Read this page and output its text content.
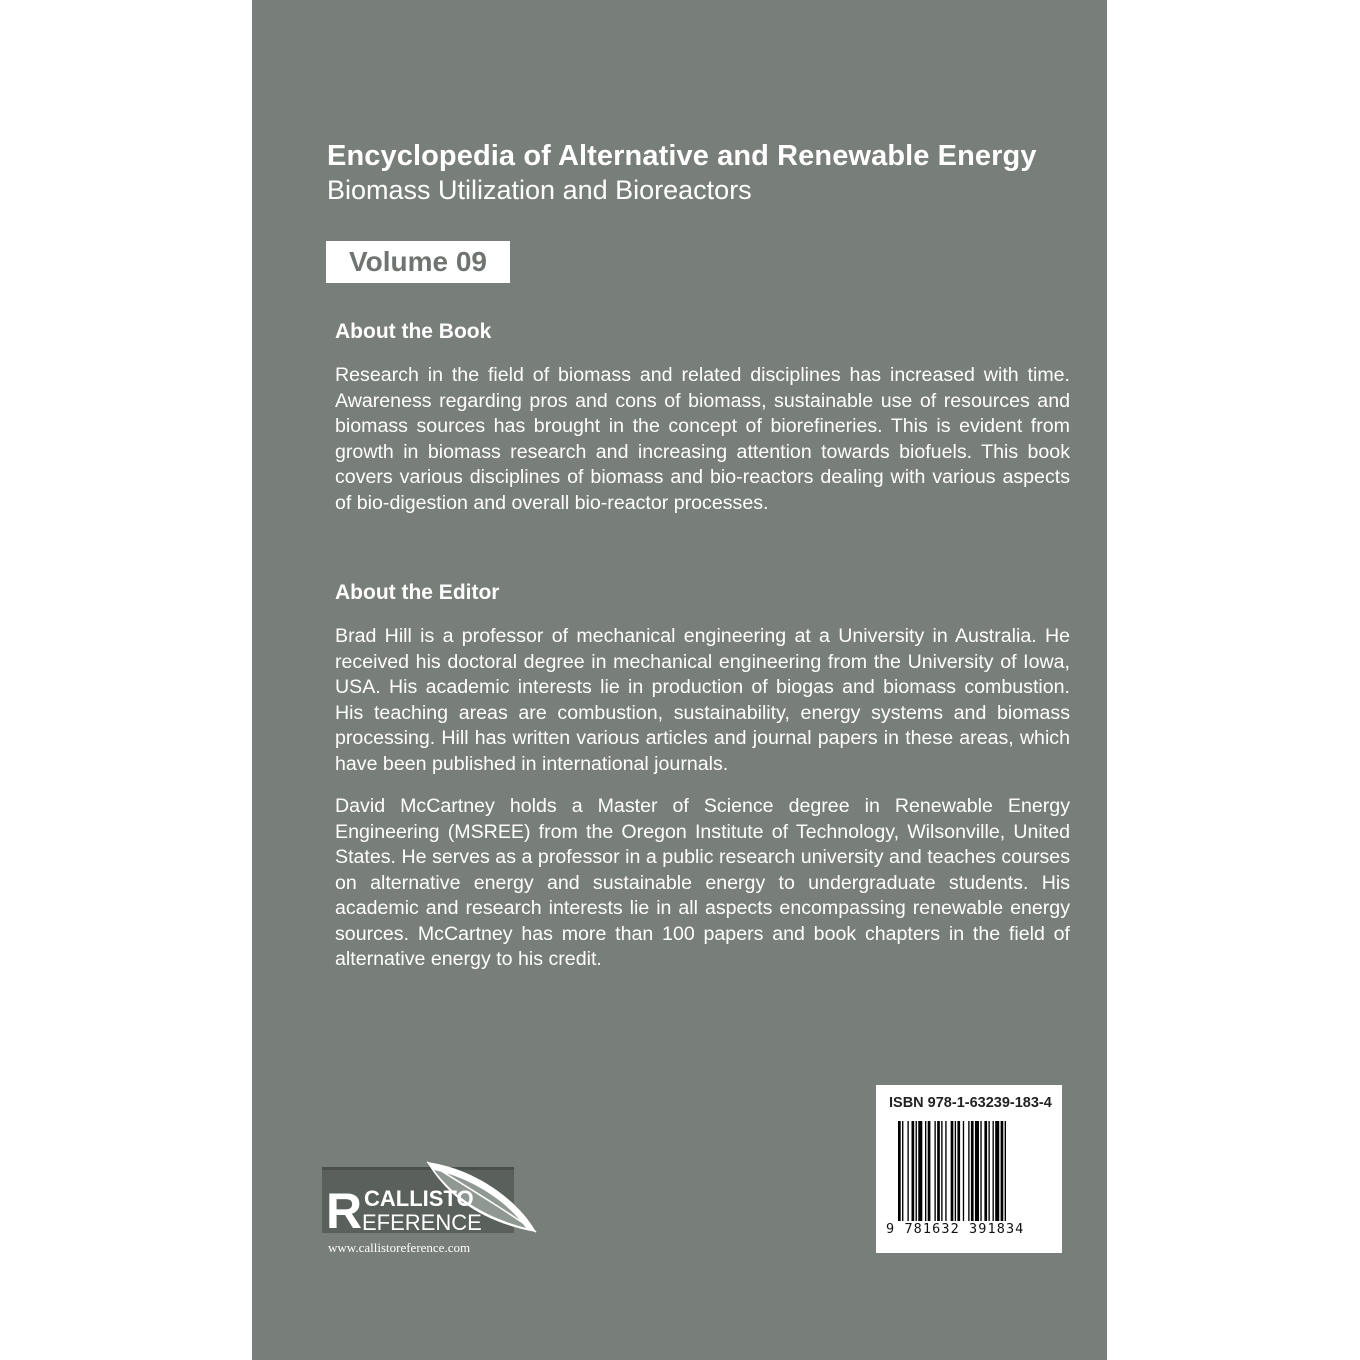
Encyclopedia of Alternative and Renewable Energy
Biomass Utilization and Bioreactors
Volume 09
About the Book

Research in the field of biomass and related disciplines has increased with time. Awareness regarding pros and cons of biomass, sustainable use of resources and biomass sources has brought in the concept of biorefineries. This is evident from growth in biomass research and increasing attention towards biofuels. This book covers various disciplines of biomass and bio-reactors dealing with various aspects of bio-digestion and overall bio-reactor processes.

About the Editor

Brad Hill is a professor of mechanical engineering at a University in Australia. He received his doctoral degree in mechanical engineering from the University of Iowa, USA. His academic interests lie in production of biogas and biomass combustion. His teaching areas are combustion, sustainability, energy systems and biomass processing. Hill has written various articles and journal papers in these areas, which have been published in international journals.

David McCartney holds a Master of Science degree in Renewable Energy Engineering (MSREE) from the Oregon Institute of Technology, Wilsonville, United States. He serves as a professor in a public research university and teaches courses on alternative energy and sustainable energy to undergraduate students. His academic and research interests lie in all aspects encompassing renewable energy sources. McCartney has more than 100 papers and book chapters in the field of alternative energy to his credit.

ISBN 978-1-63239-183-4
9 781632 391834
R CALLISTO
EFERENCE
www.callistoreference.com
